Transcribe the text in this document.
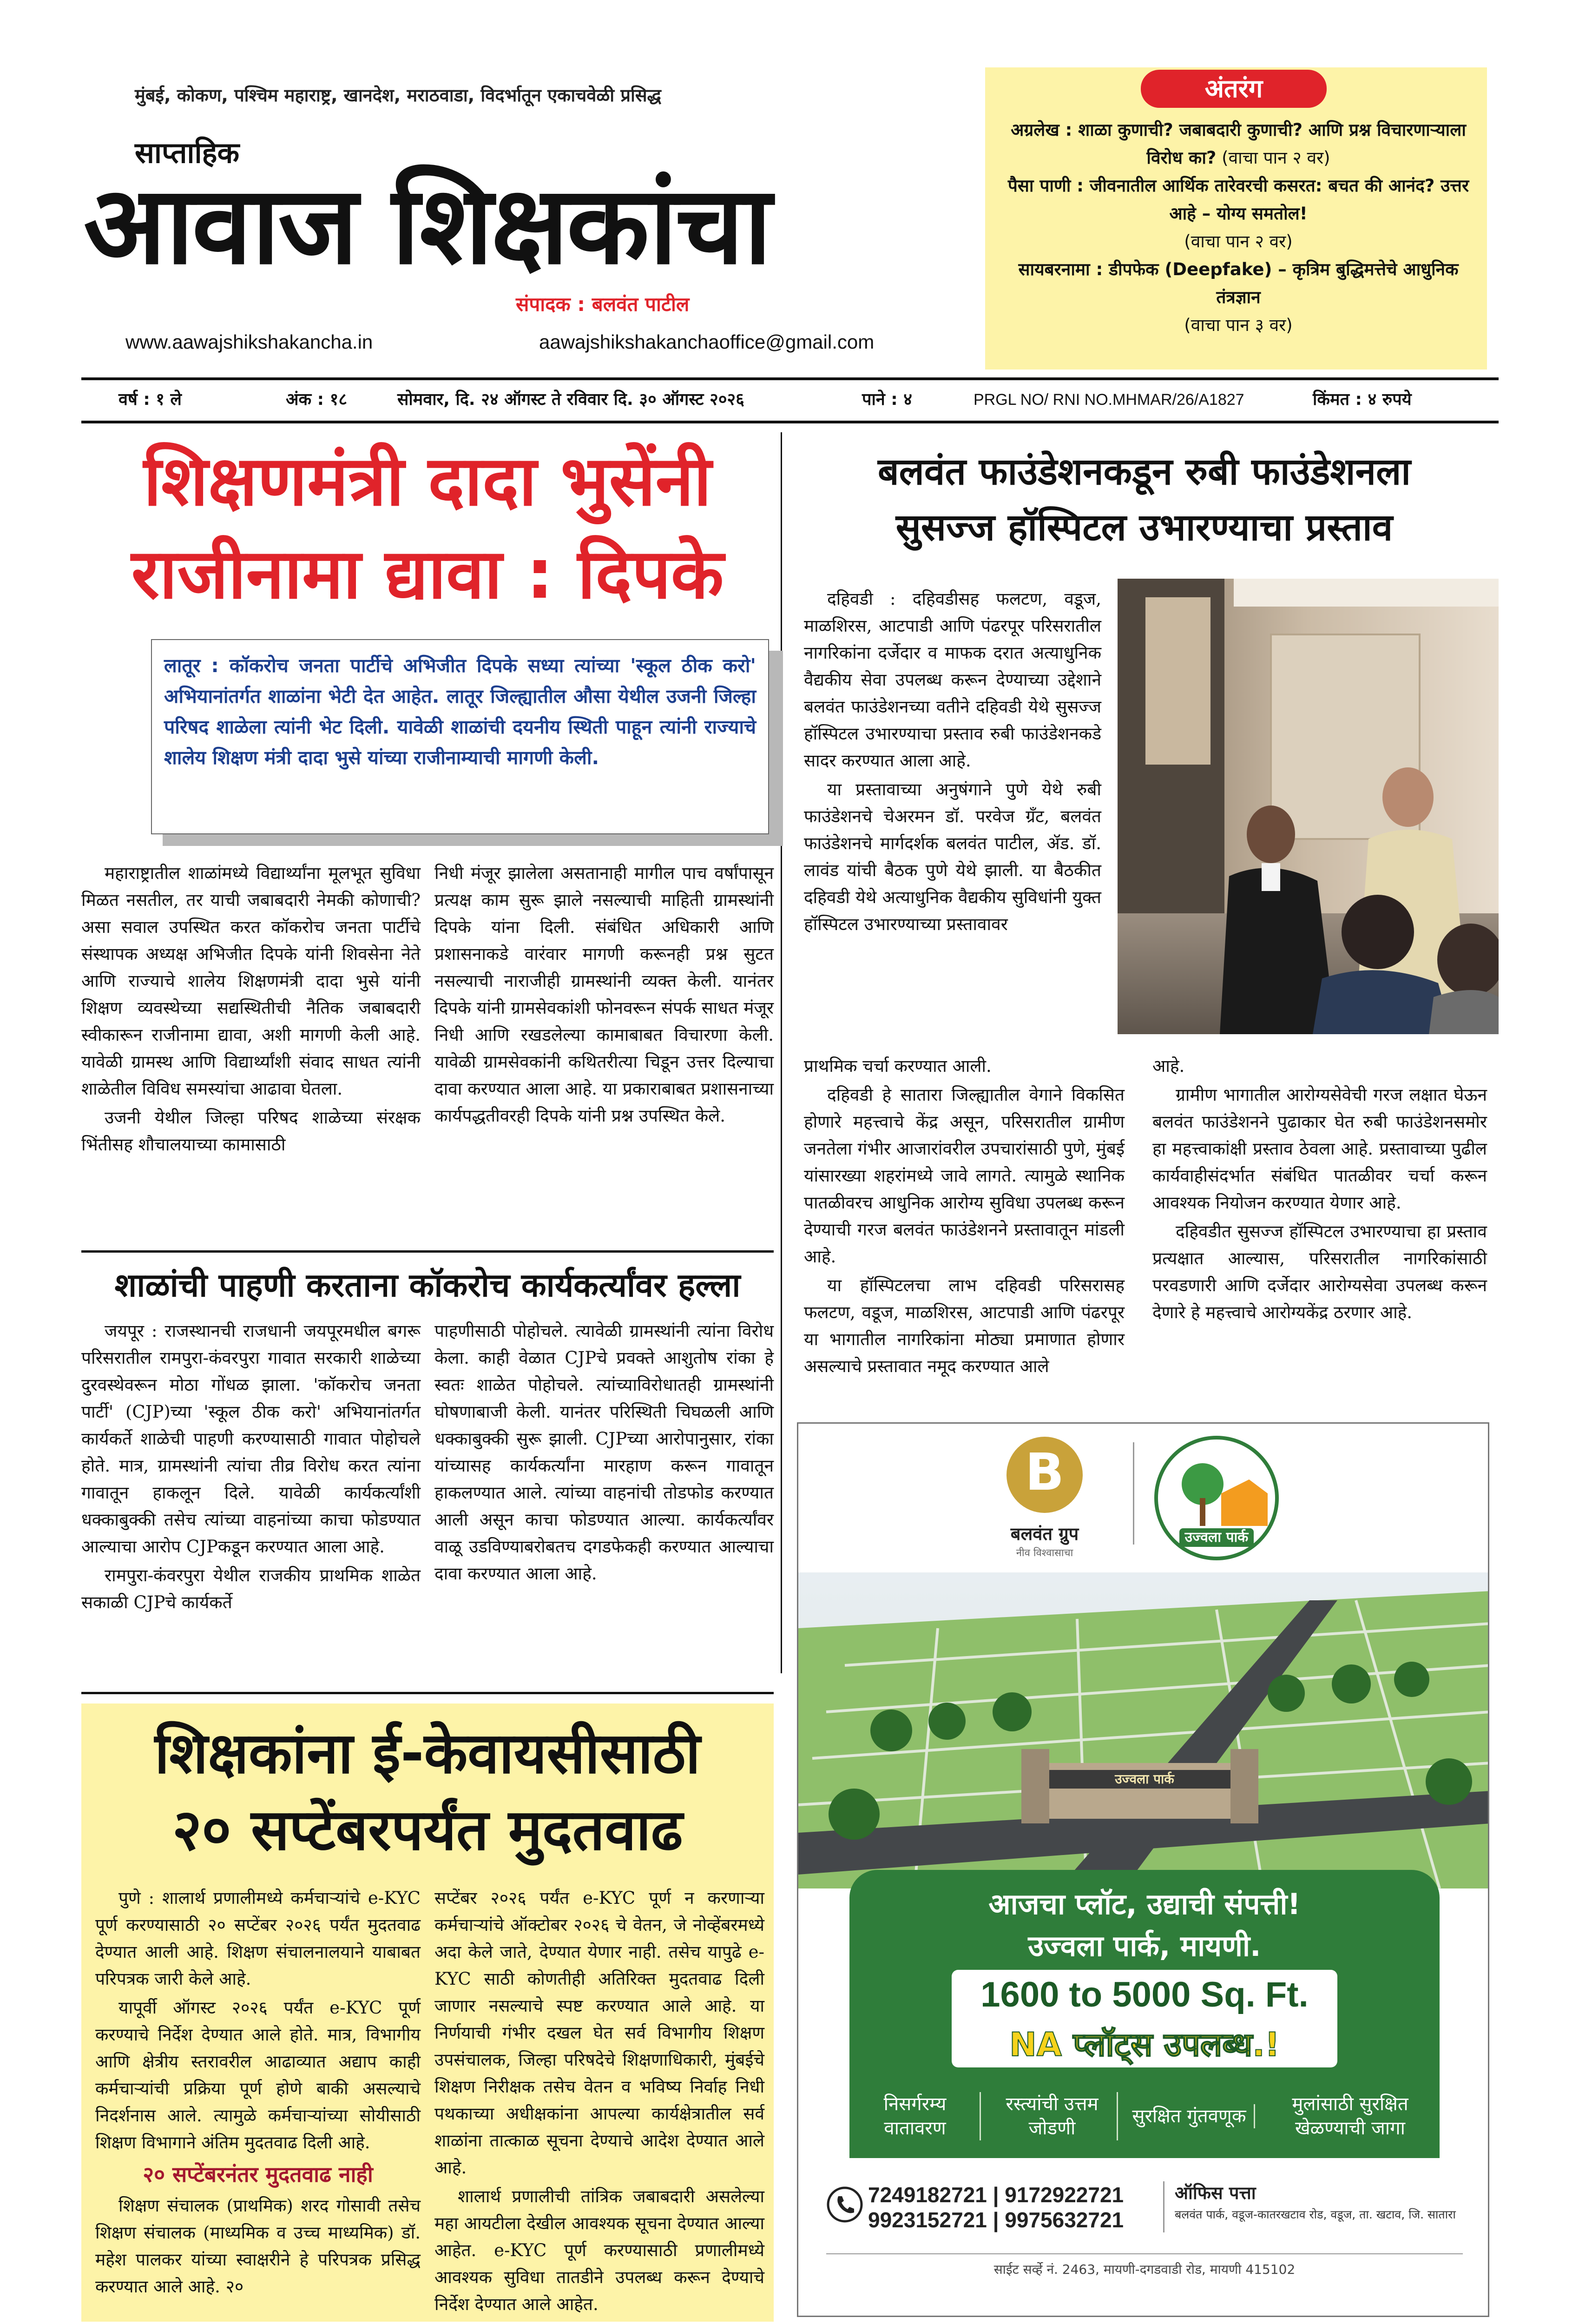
मुंबई, कोकण, पश्चिम महाराष्ट्र, खानदेश, मराठवाडा, विदर्भातून एकाचवेळी प्रसिद्ध
साप्ताहिक
आवाज शिक्षकांचा
संपादक : बलवंत पाटील
www.aawajshikshakancha.in	aawajshikshakanchaoffice@gmail.com
अंतरंग
अग्रलेख : शाळा कुणाची? जबाबदारी कुणाची? आणि प्रश्न विचारणाऱ्याला विरोध का? (वाचा पान २ वर)
पैसा पाणी : जीवनातील आर्थिक तारेवरची कसरत: बचत की आनंद? उत्तर आहे – योग्य समतोल!
(वाचा पान २ वर)
सायबरनामा : डीपफेक (Deepfake) – कृत्रिम बुद्धिमत्तेचे आधुनिक तंत्रज्ञान
(वाचा पान ३ वर)
वर्ष : १ ले	अंक : १८	सोमवार, दि. २४ ऑगस्ट ते रविवार दि. ३० ऑगस्ट २०२६	पाने : ४	PRGL NO/ RNI NO.MHMAR/26/A1827	किंमत : ४ रुपये
शिक्षणमंत्री दादा भुसेंनी
राजीनामा द्यावा : दिपके
लातूर : कॉकरोच जनता पार्टीचे अभिजीत दिपके सध्या त्यांच्या 'स्कूल ठीक करो' अभियानांतर्गत शाळांना भेटी देत आहेत. लातूर जिल्ह्यातील औसा येथील उजनी जिल्हा परिषद शाळेला त्यांनी भेट दिली. यावेळी शाळांची दयनीय स्थिती पाहून त्यांनी राज्याचे शालेय शिक्षण मंत्री दादा भुसे यांच्या राजीनाम्याची मागणी केली.

महाराष्ट्रातील शाळांमध्ये विद्यार्थ्यांना मूलभूत सुविधा मिळत नसतील, तर याची जबाबदारी नेमकी कोणाची? असा सवाल उपस्थित करत कॉकरोच जनता पार्टीचे संस्थापक अध्यक्ष अभिजीत दिपके यांनी शिवसेना नेते आणि राज्याचे शालेय शिक्षणमंत्री दादा भुसे यांनी शिक्षण व्यवस्थेच्या सद्यस्थितीची नैतिक जबाबदारी स्वीकारून राजीनामा द्यावा, अशी मागणी केली आहे. यावेळी ग्रामस्थ आणि विद्यार्थ्यांशी संवाद साधत त्यांनी शाळेतील विविध समस्यांचा आढावा घेतला.

उजनी येथील जिल्हा परिषद शाळेच्या संरक्षक भिंतीसह शौचालयाच्या कामासाठी

निधी मंजूर झालेला असतानाही मागील पाच वर्षांपासून प्रत्यक्ष काम सुरू झाले नसल्याची माहिती ग्रामस्थांनी दिपके यांना दिली. संबंधित अधिकारी आणि प्रशासनाकडे वारंवार मागणी करूनही प्रश्न सुटत नसल्याची नाराजीही ग्रामस्थांनी व्यक्त केली. यानंतर दिपके यांनी ग्रामसेवकांशी फोनवरून संपर्क साधत मंजूर निधी आणि रखडलेल्या कामाबाबत विचारणा केली. यावेळी ग्रामसेवकांनी कथितरीत्या चिडून उत्तर दिल्याचा दावा करण्यात आला आहे. या प्रकाराबाबत प्रशासनाच्या कार्यपद्धतीवरही दिपके यांनी प्रश्न उपस्थित केले.

शाळांची पाहणी करताना कॉकरोच कार्यकर्त्यांवर हल्ला

जयपूर : राजस्थानची राजधानी जयपूरमधील बगरू परिसरातील रामपुरा-कंवरपुरा गावात सरकारी शाळेच्या दुरवस्थेवरून मोठा गोंधळ झाला. 'कॉकरोच जनता पार्टी' (CJP)च्या 'स्कूल ठीक करो' अभियानांतर्गत कार्यकर्ते शाळेची पाहणी करण्यासाठी गावात पोहोचले होते. मात्र, ग्रामस्थांनी त्यांचा तीव्र विरोध करत त्यांना गावातून हाकलून दिले. यावेळी कार्यकर्त्यांशी धक्काबुक्की तसेच त्यांच्या वाहनांच्या काचा फोडण्यात आल्याचा आरोप CJPकडून करण्यात आला आहे.

रामपुरा-कंवरपुरा येथील राजकीय प्राथमिक शाळेत सकाळी CJPचे कार्यकर्ते

पाहणीसाठी पोहोचले. त्यावेळी ग्रामस्थांनी त्यांना विरोध केला. काही वेळात CJPचे प्रवक्ते आशुतोष रांका हे स्वतः शाळेत पोहोचले. त्यांच्याविरोधातही ग्रामस्थांनी घोषणाबाजी केली. यानंतर परिस्थिती चिघळली आणि धक्काबुक्की सुरू झाली. CJPच्या आरोपानुसार, रांका यांच्यासह कार्यकर्त्यांना मारहाण करून गावातून हाकलण्यात आले. त्यांच्या वाहनांची तोडफोड करण्यात आली असून काचा फोडण्यात आल्या. कार्यकर्त्यांवर वाळू उडविण्याबरोबतच दगडफेकही करण्यात आल्याचा दावा करण्यात आला आहे.

शिक्षकांना ई-केवायसीसाठी
२० सप्टेंबरपर्यंत मुदतवाढ

पुणे : शालार्थ प्रणालीमध्ये कर्मचाऱ्यांचे e-KYC पूर्ण करण्यासाठी २० सप्टेंबर २०२६ पर्यंत मुदतवाढ देण्यात आली आहे. शिक्षण संचालनालयाने याबाबत परिपत्रक जारी केले आहे.

यापूर्वी ऑगस्ट २०२६ पर्यंत e-KYC पूर्ण करण्याचे निर्देश देण्यात आले होते. मात्र, विभागीय आणि क्षेत्रीय स्तरावरील आढाव्यात अद्याप काही कर्मचाऱ्यांची प्रक्रिया पूर्ण होणे बाकी असल्याचे निदर्शनास आले. त्यामुळे कर्मचाऱ्यांच्या सोयीसाठी शिक्षण विभागाने अंतिम मुदतवाढ दिली आहे.

२० सप्टेंबरनंतर मुदतवाढ नाही

शिक्षण संचालक (प्राथमिक) शरद गोसावी तसेच शिक्षण संचालक (माध्यमिक व उच्च माध्यमिक) डॉ. महेश पालकर यांच्या स्वाक्षरीने हे परिपत्रक प्रसिद्ध करण्यात आले आहे. २०

सप्टेंबर २०२६ पर्यंत e-KYC पूर्ण न करणाऱ्या कर्मचाऱ्यांचे ऑक्टोबर २०२६ चे वेतन, जे नोव्हेंबरमध्ये अदा केले जाते, देण्यात येणार नाही. तसेच यापुढे e-KYC साठी कोणतीही अतिरिक्त मुदतवाढ दिली जाणार नसल्याचे स्पष्ट करण्यात आले आहे. या निर्णयाची गंभीर दखल घेत सर्व विभागीय शिक्षण उपसंचालक, जिल्हा परिषदेचे शिक्षणाधिकारी, मुंबईचे शिक्षण निरीक्षक तसेच वेतन व भविष्य निर्वाह निधी पथकाच्या अधीक्षकांना आपल्या कार्यक्षेत्रातील सर्व शाळांना तात्काळ सूचना देण्याचे आदेश देण्यात आले आहे.

शालार्थ प्रणालीची तांत्रिक जबाबदारी असलेल्या महा आयटीला देखील आवश्यक सूचना देण्यात आल्या आहेत. e-KYC पूर्ण करण्यासाठी प्रणालीमध्ये आवश्यक सुविधा तातडीने उपलब्ध करून देण्याचे निर्देश देण्यात आले आहेत.

बलवंत फाउंडेशनकडून रुबी फाउंडेशनला
सुसज्ज हॉस्पिटल उभारण्याचा प्रस्ताव

दहिवडी : दहिवडीसह फलटण, वडूज, माळशिरस, आटपाडी आणि पंढरपूर परिसरातील नागरिकांना दर्जेदार व माफक दरात अत्याधुनिक वैद्यकीय सेवा उपलब्ध करून देण्याच्या उद्देशाने बलवंत फाउंडेशनच्या वतीने दहिवडी येथे सुसज्ज हॉस्पिटल उभारण्याचा प्रस्ताव रुबी फाउंडेशनकडे सादर करण्यात आला आहे.

या प्रस्तावाच्या अनुषंगाने पुणे येथे रुबी फाउंडेशनचे चेअरमन डॉ. परवेज ग्रँट, बलवंत फाउंडेशनचे मार्गदर्शक बलवंत पाटील, ॲड. डॉ. लावंड यांची बैठक पुणे येथे झाली. या बैठकीत दहिवडी येथे अत्याधुनिक वैद्यकीय सुविधांनी युक्त हॉस्पिटल उभारण्याच्या प्रस्तावावर

प्राथमिक चर्चा करण्यात आली.

दहिवडी हे सातारा जिल्ह्यातील वेगाने विकसित होणारे महत्त्वाचे केंद्र असून, परिसरातील ग्रामीण जनतेला गंभीर आजारांवरील उपचारांसाठी पुणे, मुंबई यांसारख्या शहरांमध्ये जावे लागते. त्यामुळे स्थानिक पातळीवरच आधुनिक आरोग्य सुविधा उपलब्ध करून देण्याची गरज बलवंत फाउंडेशनने प्रस्तावातून मांडली आहे.

या हॉस्पिटलचा लाभ दहिवडी परिसरासह फलटण, वडूज, माळशिरस, आटपाडी आणि पंढरपूर या भागातील नागरिकांना मोठ्या प्रमाणात होणार असल्याचे प्रस्तावात नमूद करण्यात आले

आहे.

ग्रामीण भागातील आरोग्यसेवेची गरज लक्षात घेऊन बलवंत फाउंडेशनने पुढाकार घेत रुबी फाउंडेशनसमोर हा महत्त्वाकांक्षी प्रस्ताव ठेवला आहे. प्रस्तावाच्या पुढील कार्यवाहीसंदर्भात संबंधित पातळीवर चर्चा करून आवश्यक नियोजन करण्यात येणार आहे.

दहिवडीत सुसज्ज हॉस्पिटल उभारण्याचा हा प्रस्ताव प्रत्यक्षात आल्यास, परिसरातील नागरिकांसाठी परवडणारी आणि दर्जेदार आरोग्यसेवा उपलब्ध करून देणारे हे महत्त्वाचे आरोग्यकेंद्र ठरणार आहे.

B
बलवंत ग्रुप
नीव विश्वासाचा
उज्वला पार्क
उज्वला पार्क
आजचा प्लॉट, उद्याची संपत्ती!
उज्वला पार्क, मायणी.
1600 to 5000 Sq. Ft.
NA प्लॉट्स उपलब्ध.!
निसर्गरम्य वातावरण
रस्त्यांची उत्तम जोडणी
सुरक्षित गुंतवणूक
मुलांसाठी सुरक्षित खेळण्याची जागा
7249182721 | 9172922721
9923152721 | 9975632721
ऑफिस पत्ता
बलवंत पार्क, वडूज-कातरखटाव रोड, वडूज, ता. खटाव, जि. सातारा
साईट सर्व्हे नं. 2463, मायणी-दगडवाडी रोड, मायणी 415102
